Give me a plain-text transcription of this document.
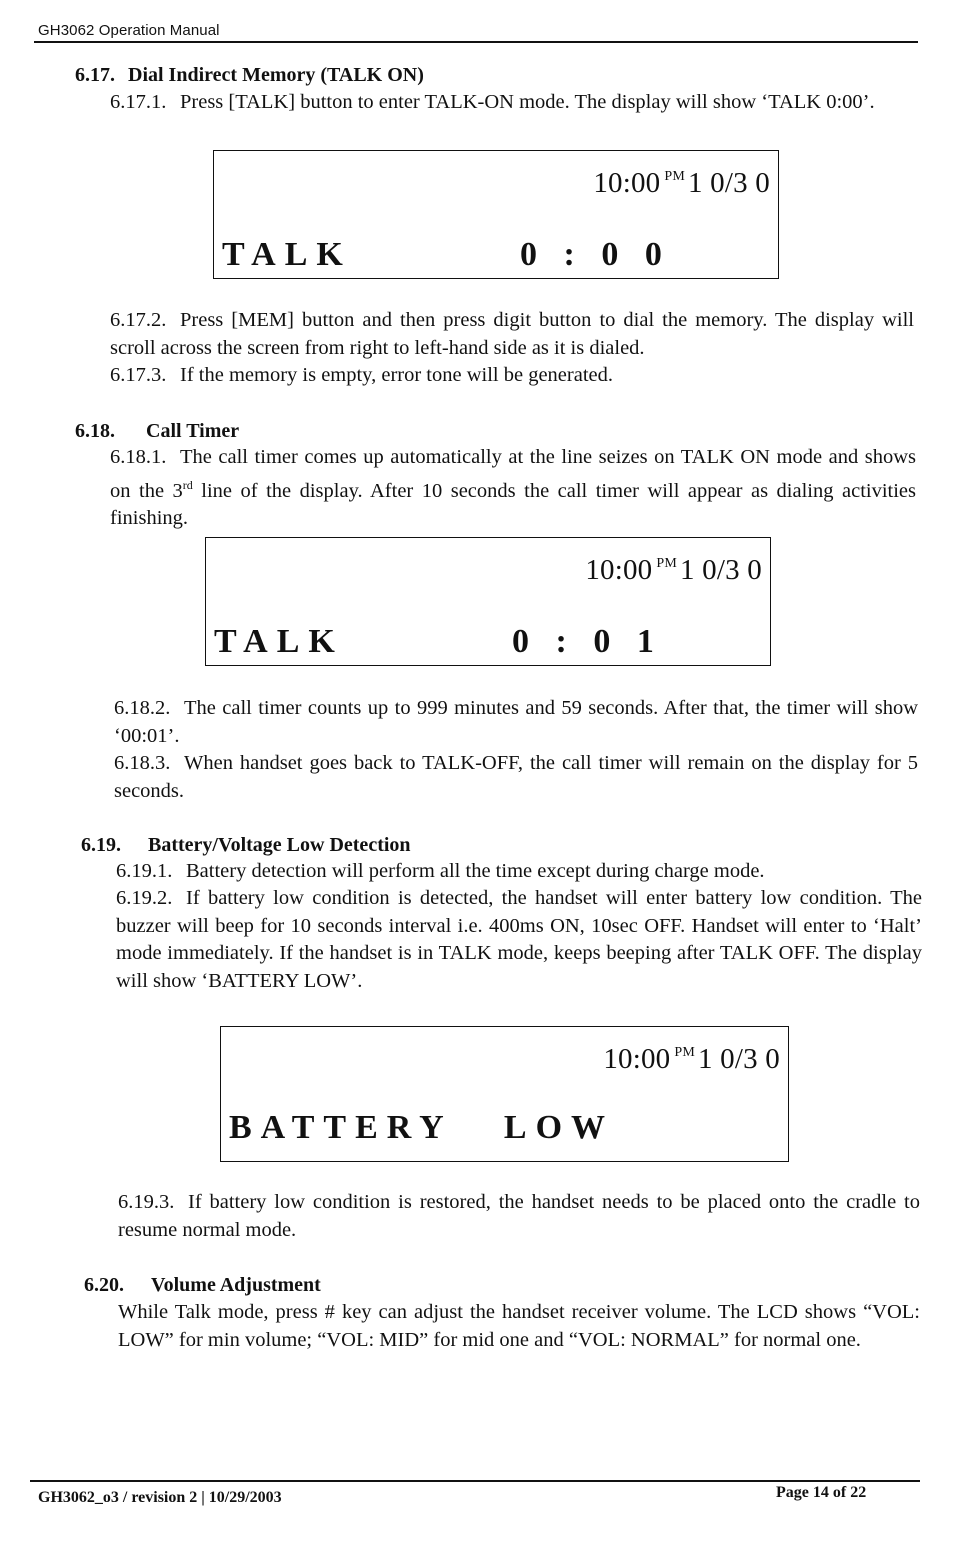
GH3062 Operation Manual
6.17. Dial Indirect Memory (TALK ON)
6.17.1. Press [TALK] button to enter TALK-ON mode. The display will show ‘TALK 0:00’.
10:00 $^{PM}$ 1 0/3 0
TALK	0 : 0 0
6.17.2. Press [MEM] button and then press digit button to dial the memory. The display will scroll across the screen from right to left-hand side as it is dialed.
6.17.3. If the memory is empty, error tone will be generated.
6.18. Call Timer
6.18.1. The call timer comes up automatically at the line seizes on TALK ON mode and shows on the 3rd line of the display. After 10 seconds the call timer will appear as dialing activities finishing.
10:00 $^{PM}$ 1 0/3 0
TALK	0 : 0 1
6.18.2. The call timer counts up to 999 minutes and 59 seconds. After that, the timer will show ‘00:01’.
6.18.3. When handset goes back to TALK-OFF, the call timer will remain on the display for 5 seconds.
6.19. Battery/Voltage Low Detection
6.19.1. Battery detection will perform all the time except during charge mode.
6.19.2. If battery low condition is detected, the handset will enter battery low condition. The buzzer will beep for 10 seconds interval i.e. 400ms ON, 10sec OFF. Handset will enter to ‘Halt’ mode immediately. If the handset is in TALK mode, keeps beeping after TALK OFF. The display will show ‘BATTERY LOW’.
10:00 $^{PM}$ 1 0/3 0
BATTERY   LOW
6.19.3. If battery low condition is restored, the handset needs to be placed onto the cradle to resume normal mode.
6.20. Volume Adjustment
While Talk mode, press # key can adjust the handset receiver volume. The LCD shows “VOL: LOW” for min volume; “VOL: MID” for mid one and “VOL: NORMAL” for normal one.
GH3062_o3 / revision 2 | 10/29/2003	Page 14 of 22
